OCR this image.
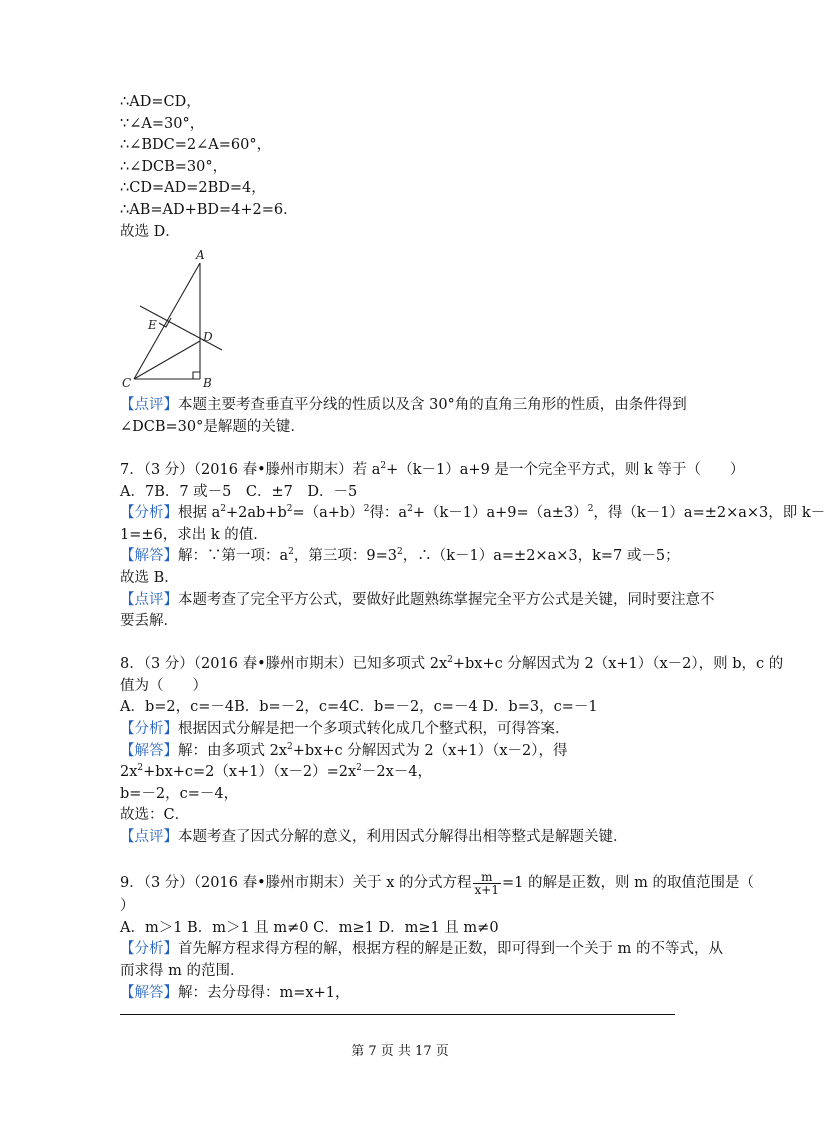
∴AD=CD，
∵∠A=30°，
∴∠BDC=2∠A=60°，
∴∠DCB=30°，
∴CD=AD=2BD=4，
∴AB=AD+BD=4+2=6．
故选 D．
A
E
D
C	B
【点评】本题主要考查垂直平分线的性质以及含 30°角的直角三角形的性质，由条件得到
∠DCB=30°是解题的关键．
7．（3 分）（2016 春•滕州市期末）若 $a^2+(k-1)a+9$ 是一个完全平方式，则 k 等于（　　）
A．7B．7 或－5　C．±7　D．－5
【分析】根据 $a^2+2ab+b^2=(a+b)^2$得：$a^2+(k-1)a+9=(a\pm 3)^2$，得（k－1）a=±2×a×3，即 k－
1=±6，求出 k 的值．
【解答】解：∵第一项：$a^2$，第三项：$9=3^2$，∴（k－1）a=±2×a×3，k=7 或－5；
故选 B．
【点评】本题考查了完全平方公式，要做好此题熟练掌握完全平方公式是关键，同时要注意不
要丢解．
8．（3 分）（2016 春•滕州市期末）已知多项式 $2x^2+bx+c$ 分解因式为 2（x+1）（x－2），则 b，c 的
值为（　　）
A．b=2，c=－4B．b=－2，c=4C．b=－2，c=－4 D．b=3，c=－1
【分析】根据因式分解是把一个多项式转化成几个整式积，可得答案．
【解答】解：由多项式 $2x^2+bx+c$ 分解因式为 2（x+1）（x－2），得
$2x^2+bx+c=2(x+1)(x-2)=2x^2-2x-4$，
b=－2，c=－4，
故选：C．
【点评】本题考查了因式分解的意义，利用因式分解得出相等整式是解题关键．
9．（3 分）（2016 春•滕州市期末）关于 x 的分式方程 $\frac{m}{x+1} =1$ 的解是正数，则 m 的取值范围是（
）
A．m＞1 B．m＞1 且 m≠0 C．m≥1 D．m≥1 且 m≠0
【分析】首先解方程求得方程的解，根据方程的解是正数，即可得到一个关于 m 的不等式，从
而求得 m 的范围．
【解答】解：去分母得：m=x+1，
第 7 页 共 17 页
